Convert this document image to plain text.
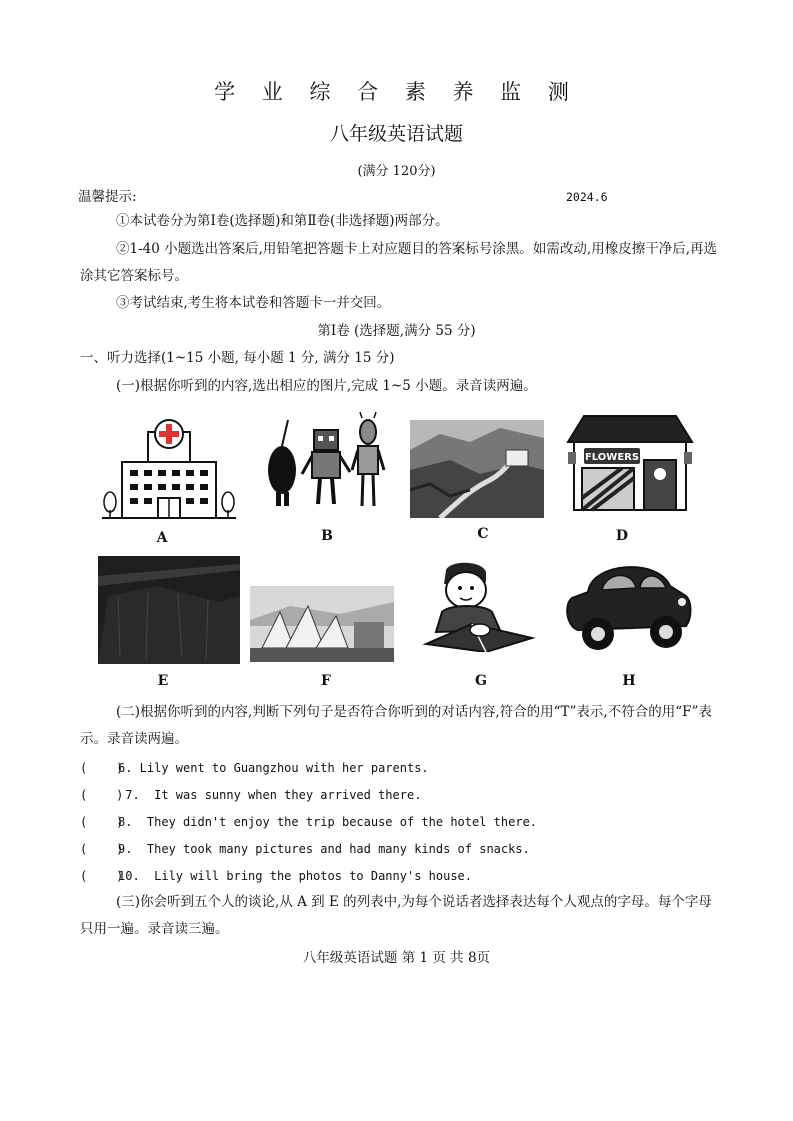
学 业 综 合 素 养 监 测
八年级英语试题
(满分 120分)
温馨提示:	2024.6
①本试卷分为第Ⅰ卷(选择题)和第Ⅱ卷(非选择题)两部分。
②1-40 小题选出答案后,用铅笔把答题卡上对应题目的答案标号涂黑。如需改动,用橡皮擦干净后,再选涂其它答案标号。
③考试结束,考生将本试卷和答题卡一并交回。
第Ⅰ卷 (选择题,满分 55 分)
一、听力选择(1~15 小题, 每小题 1 分, 满分 15 分)
(一)根据你听到的内容,选出相应的图片,完成 1~5 小题。录音读两遍。
A	B	C
FLOWERS
D
E	F	G	H
(二)根据你听到的内容,判断下列句子是否符合你听到的对话内容,符合的用“T”表示,不符合的用“F”表示。录音读两遍。
(    )6. Lily went to Guangzhou with her parents.
(    ) 7.  It was sunny when they arrived there.
(    )8.  They didn't enjoy the trip because of the hotel there.
(    )9.  They took many pictures and had many kinds of snacks.
(    )10.  Lily will bring the photos to Danny's house.
(三)你会听到五个人的谈论,从 A 到 E 的列表中,为每个说话者选择表达每个人观点的字母。每个字母只用一遍。录音读三遍。
八年级英语试题 第 1 页 共 8页
